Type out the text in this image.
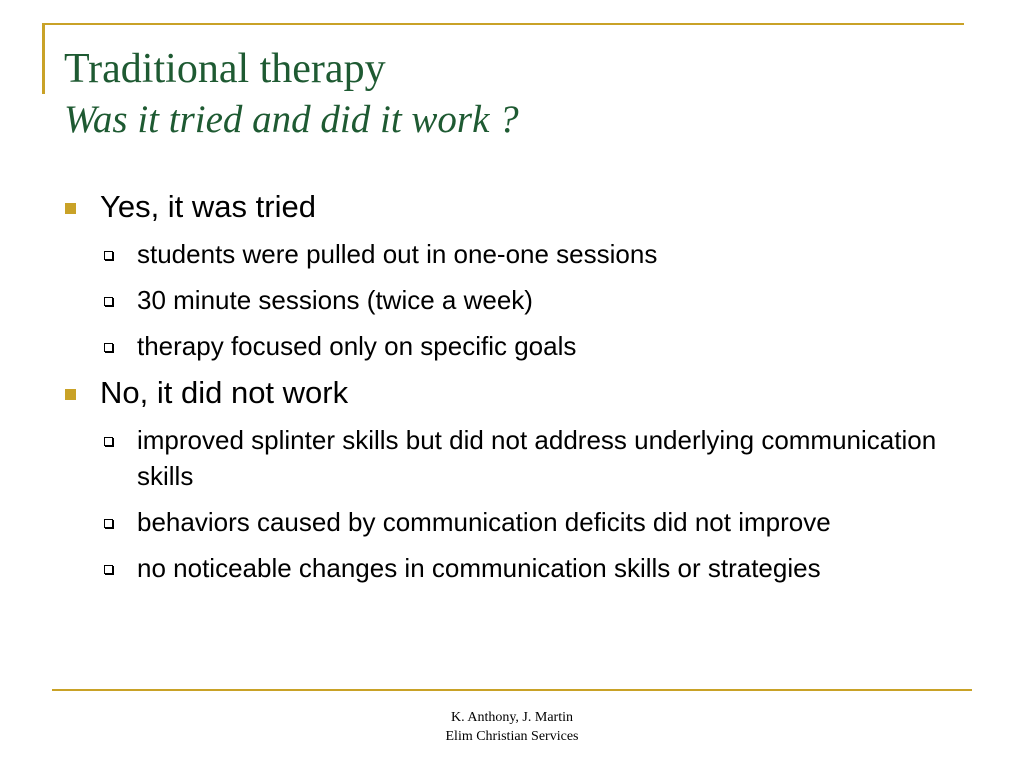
Traditional therapy
Was it tried and did it work ?
Yes, it was tried
students were pulled out in one-one sessions
30 minute sessions (twice a week)
therapy focused only on specific goals
No, it did not work
improved splinter skills but did not address underlying communication skills
behaviors caused by communication deficits did not improve
no noticeable changes in communication skills or strategies
K. Anthony, J. Martin
Elim Christian Services
